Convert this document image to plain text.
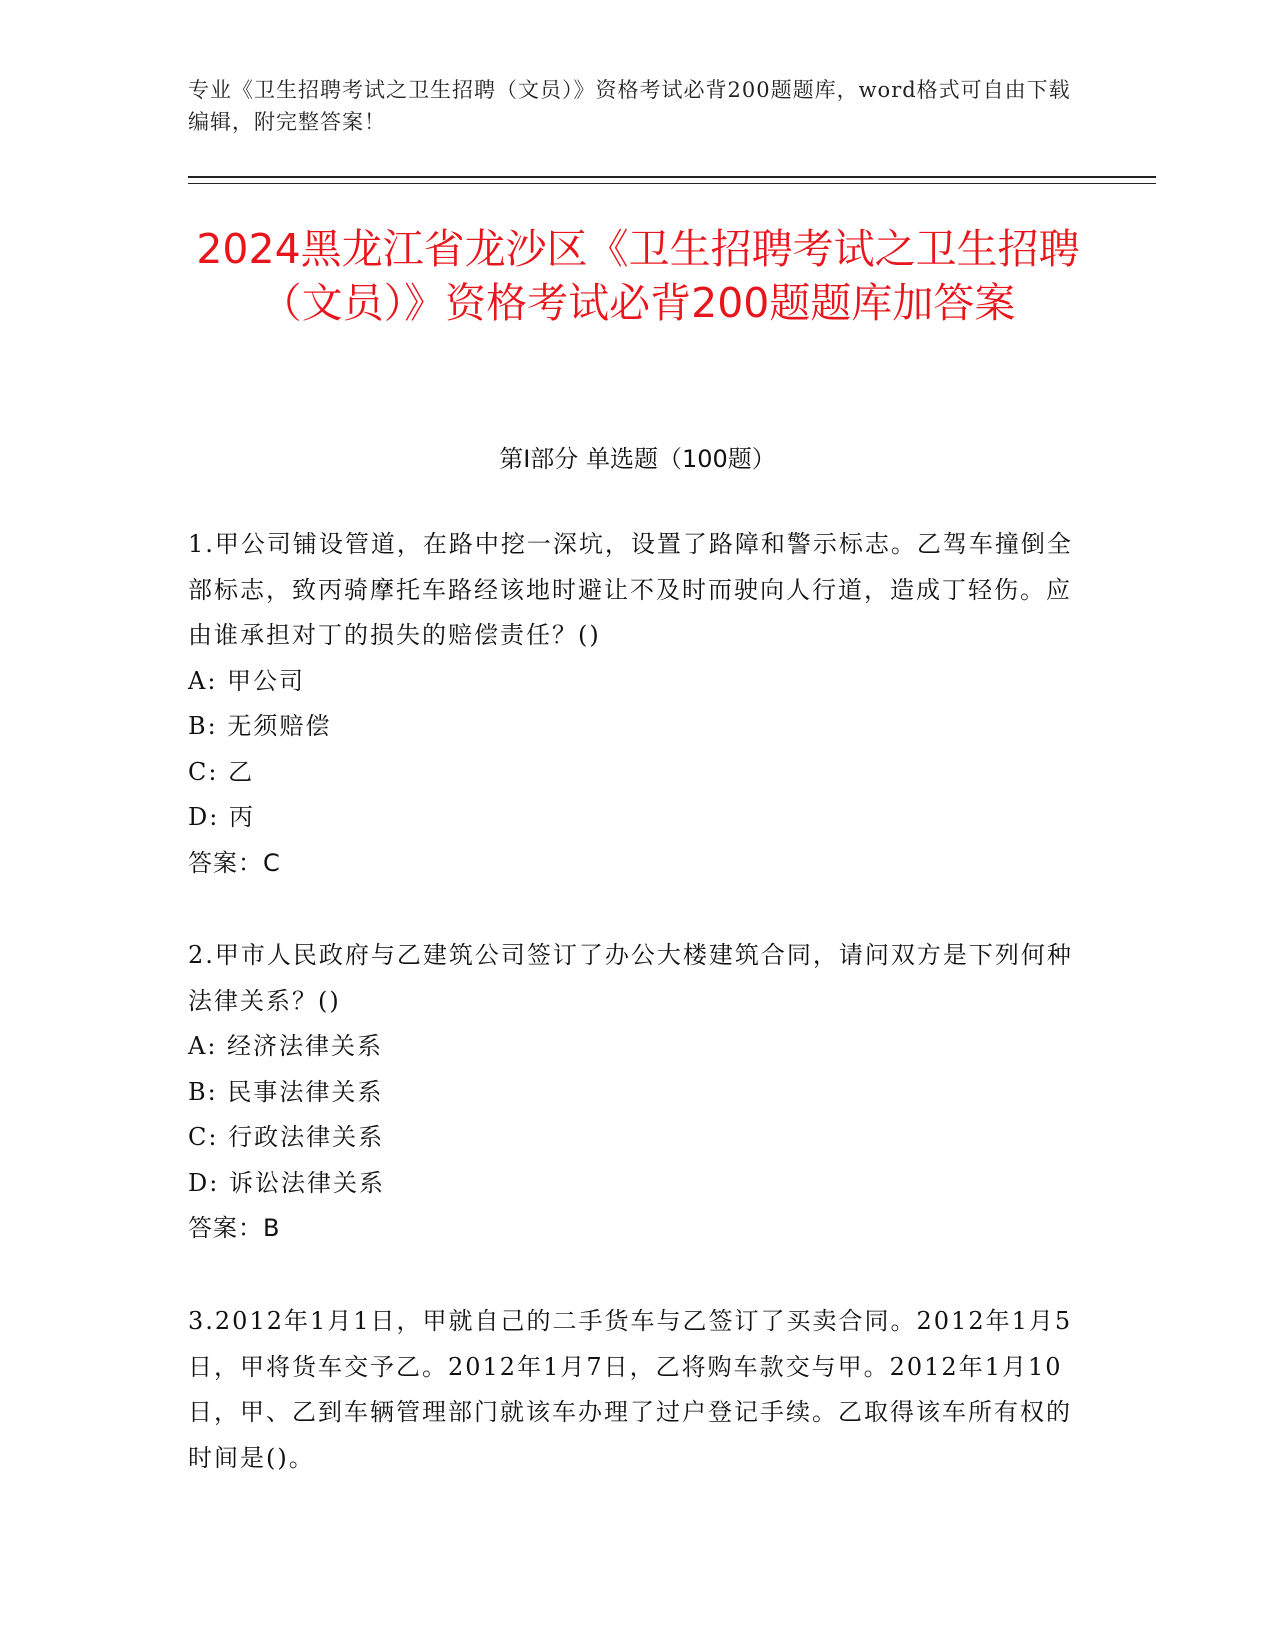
专业《卫生招聘考试之卫生招聘（文员）》资格考试必背200题题库，word格式可自由下载编辑，附完整答案！
2024黑龙江省龙沙区《卫生招聘考试之卫生招聘（文员）》资格考试必背200题题库加答案
第I部分 单选题（100题）

1.甲公司铺设管道，在路中挖一深坑，设置了路障和警示标志。乙驾车撞倒全部标志，致丙骑摩托车路经该地时避让不及时而驶向人行道，造成丁轻伤。应由谁承担对丁的损失的赔偿责任？()

A: 甲公司
B: 无须赔偿
C: 乙
D: 丙
答案：C

2.甲市人民政府与乙建筑公司签订了办公大楼建筑合同，请问双方是下列何种法律关系？()

A: 经济法律关系
B: 民事法律关系
C: 行政法律关系
D: 诉讼法律关系
答案：B

3.2012年1月1日，甲就自己的二手货车与乙签订了买卖合同。2012年1月5日，甲将货车交予乙。2012年1月7日，乙将购车款交与甲。2012年1月10日，甲、乙到车辆管理部门就该车办理了过户登记手续。乙取得该车所有权的时间是()。
